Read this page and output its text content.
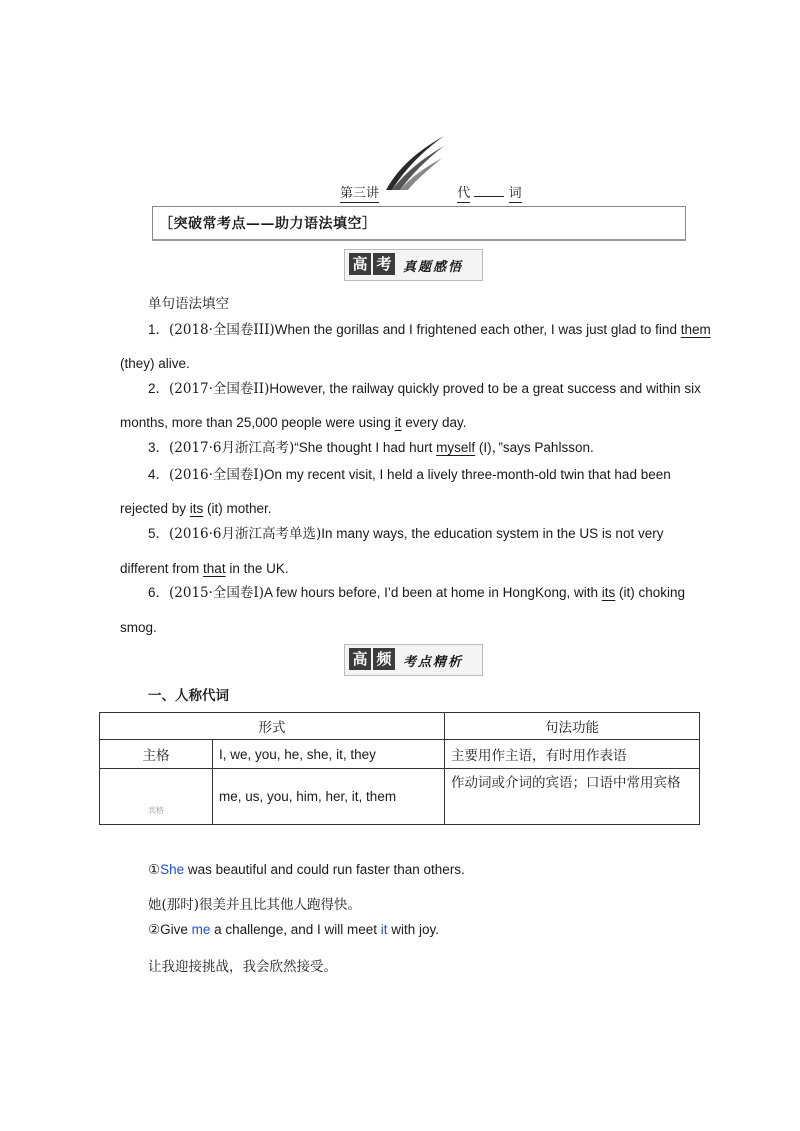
第三讲	代	词
［突破常考点——助力语法填空］
高 考 真题感悟
单句语法填空
1．(2018·全国卷III)When the gorillas and I frightened each other, I was just glad to find them
(they) alive.
2．(2017·全国卷II)However, the railway quickly proved to be a great success and within six
months, more than 25,000 people were using it every day.
3．(2017·6月浙江高考)“She thought I had hurt myself (I)，”says Pahlsson.
4．(2016·全国卷Ⅰ)On my recent visit, I held a lively three-month-old twin that had been
rejected by its (it) mother.
5．(2016·6月浙江高考单选)In many ways, the education system in the US is not very
different from that in the UK.
6．(2015·全国卷Ⅰ)A few hours before, I’d been at home in HongKong, with its (it) choking
smog.
高 频 考点精析
一、人称代词
形式		句法功能
主格	I, we, you, he, she, it, they	主要用作主语，有时用作表语
宾格	me, us, you, him, her, it, them	作动词或介词的宾语；口语中常用宾格
①She was beautiful and could run faster than others.
她(那时)很美并且比其他人跑得快。
②Give me a challenge, and I will meet it with joy.
让我迎接挑战，我会欣然接受。
